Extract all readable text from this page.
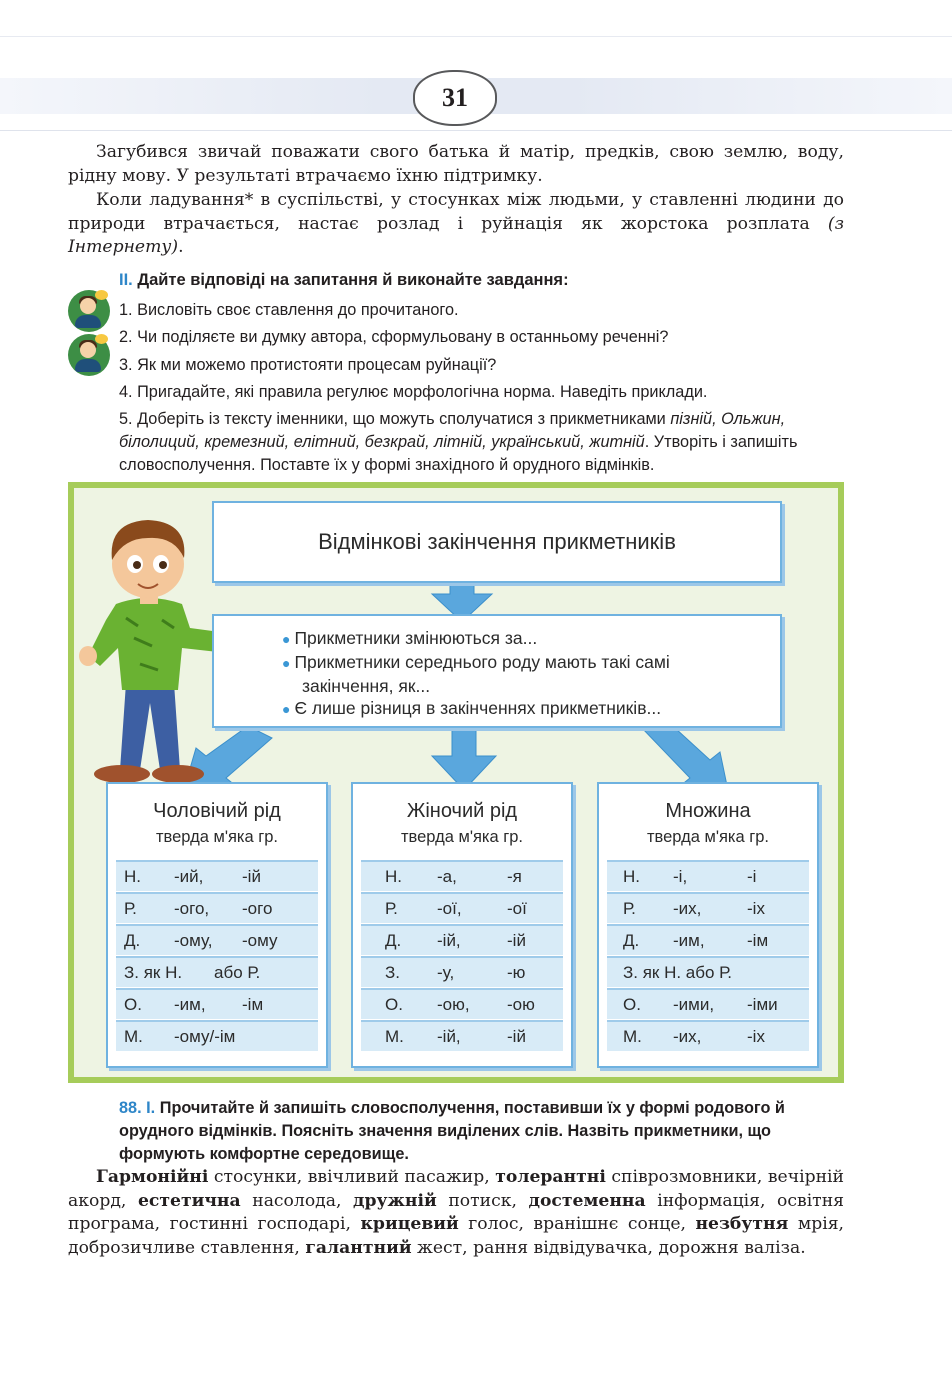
31
Загубився звичай поважати свого батька й матір, предків, свою землю, воду, рідну мову. У результаті втрачаємо їхню підтримку.
Коли ладування* в суспільстві, у стосунках між людьми, у ставленні людини до природи втрачається, настає розлад і руйнація як жорстока розплата (з Інтернету).
ІІ. Дайте відповіді на запитання й виконайте завдання:
1. Висловіть своє ставлення до прочитаного.
2. Чи поділяєте ви думку автора, сформульовану в останньому реченні?
3. Як ми можемо протистояти процесам руйнації?
4. Пригадайте, які правила регулює морфологічна норма. Наведіть приклади.
5. Доберіть із тексту іменники, що можуть сполучатися з прикметниками пізній, Ольжин, білолиций, кремезний, елітний, безкрай, літній, український, житній. Утворіть і запишіть словосполучення. Поставте їх у формі знахідного й орудного відмінків.
Відмінкові закінчення прикметників
● Прикметники змінюються за...
● Прикметники середнього роду мають такі самі
закінчення, як...
● Є лише різниця в закінченнях прикметників...
Чоловічий рід
тверда м'яка гр.
Н. -ий, -ій
Р. -ого, -ого
Д. -ому, -ому
З. як Н. або Р.
О. -им, -ім
М. -ому/-ім
Жіночий рід
тверда м'яка гр.
Н. -а,	-я
Р. -ої,	-ої
Д. -ій,	-ій
З. -у,	-ю
О. -ою, -ою
М. -ій,	-ій
Множина
тверда м'яка гр.
Н. -і,	-і
Р. -их,	-іх
Д. -им, -ім
З. як Н. або Р.
О. -ими, -іми
М. -их,	-іх
88. І. Прочитайте й запишіть словосполучення, поставивши їх у формі родового й орудного відмінків. Поясніть значення виділених слів. Назвіть прикметники, що формують комфортне середовище.
Гармонійні стосунки, ввічливий пасажир, толерантні співрозмовники, вечірній акорд, естетична насолода, дружній потиск, достеменна інформація, освітня програма, гостинні господарі, крицевий голос, вранішнє сонце, незбутня мрія, доброзичливе ставлення, галантний жест, рання відвідувачка, дорожня валіза.
